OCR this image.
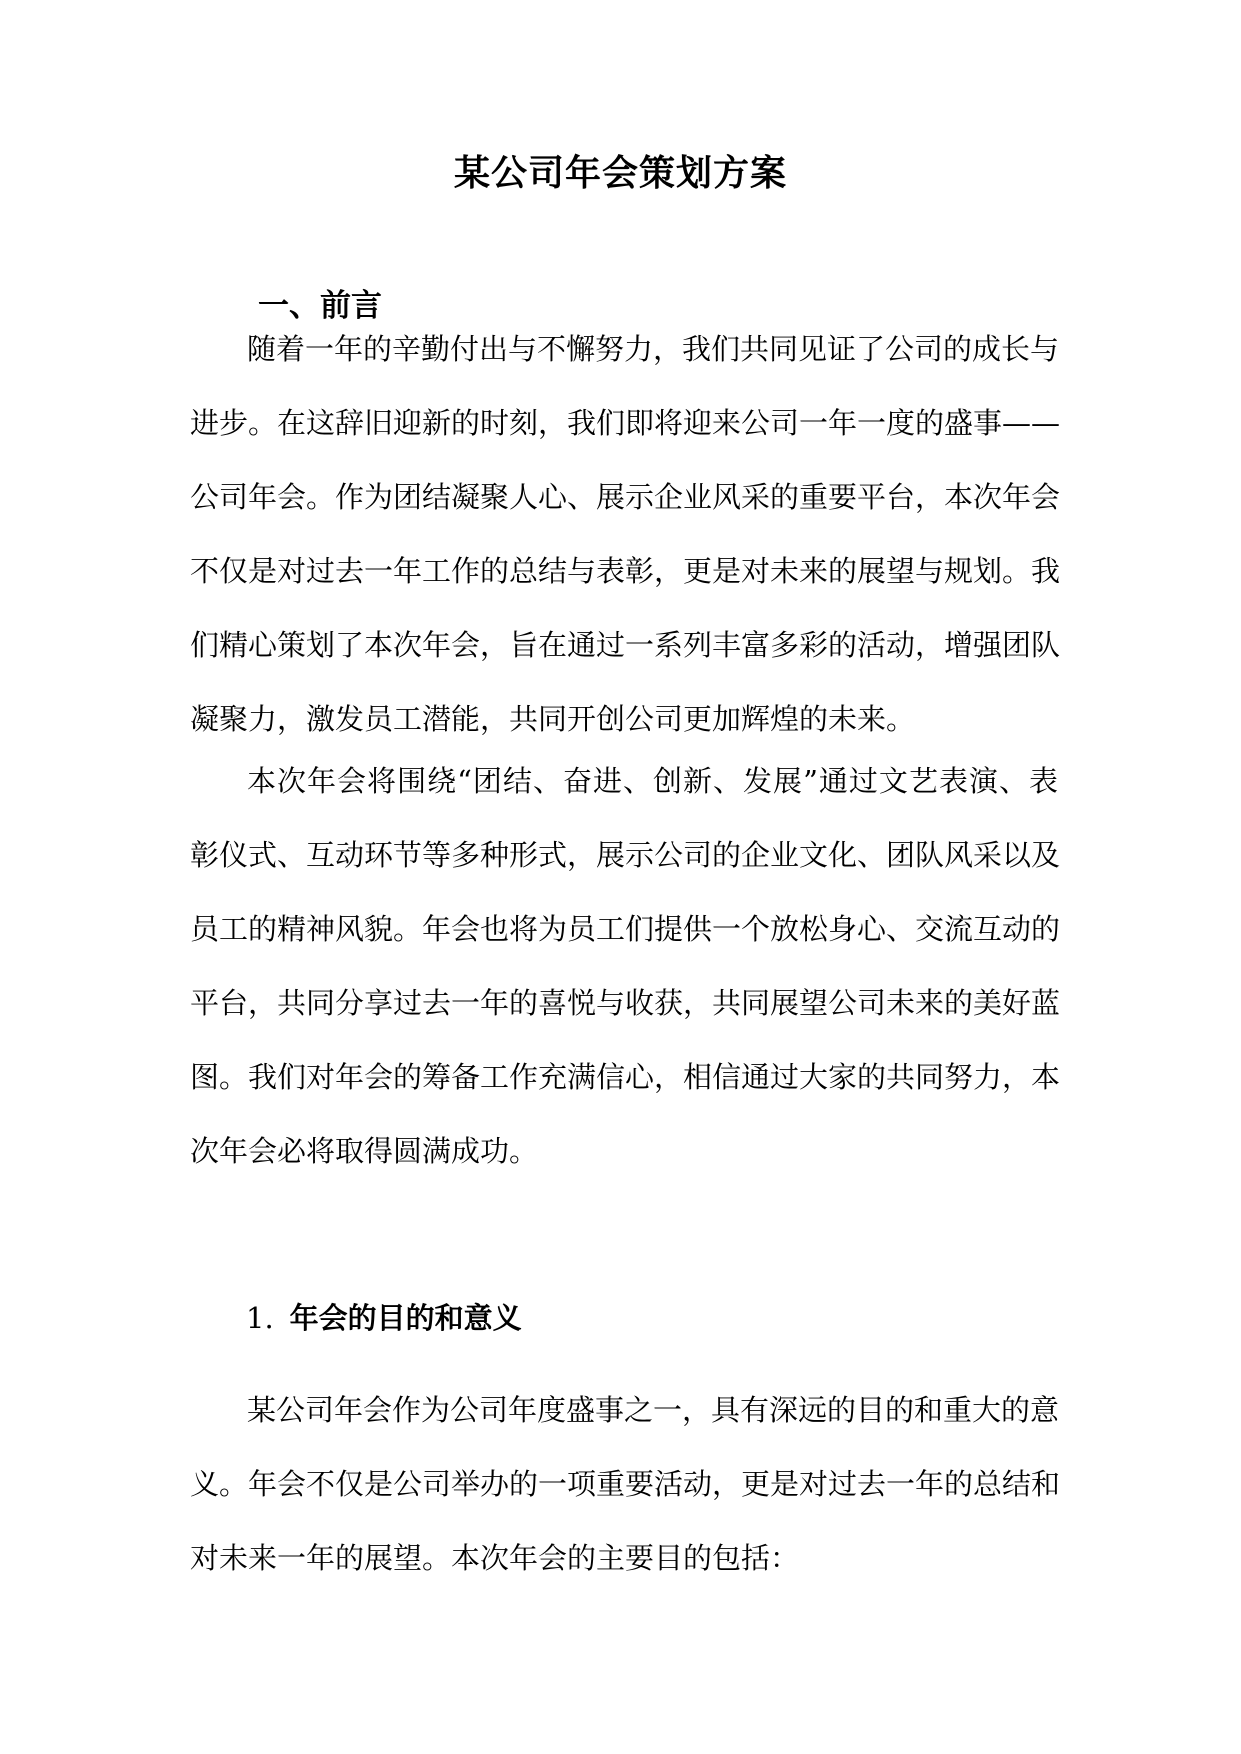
某公司年会策划方案
一、前言
随着一年的辛勤付出与不懈努力，我们共同见证了公司的成长与
进步。在这辞旧迎新的时刻，我们即将迎来公司一年一度的盛事——
公司年会。作为团结凝聚人心、展示企业风采的重要平台，本次年会
不仅是对过去一年工作的总结与表彰，更是对未来的展望与规划。我
们精心策划了本次年会，旨在通过一系列丰富多彩的活动，增强团队
凝聚力，激发员工潜能，共同开创公司更加辉煌的未来。
本次年会将围绕“团结、奋进、创新、发展”通过文艺表演、表
彰仪式、互动环节等多种形式，展示公司的企业文化、团队风采以及
员工的精神风貌。年会也将为员工们提供一个放松身心、交流互动的
平台，共同分享过去一年的喜悦与收获，共同展望公司未来的美好蓝
图。我们对年会的筹备工作充满信心，相信通过大家的共同努力，本
次年会必将取得圆满成功。
1. 年会的目的和意义
某公司年会作为公司年度盛事之一，具有深远的目的和重大的意
义。年会不仅是公司举办的一项重要活动，更是对过去一年的总结和
对未来一年的展望。本次年会的主要目的包括：
